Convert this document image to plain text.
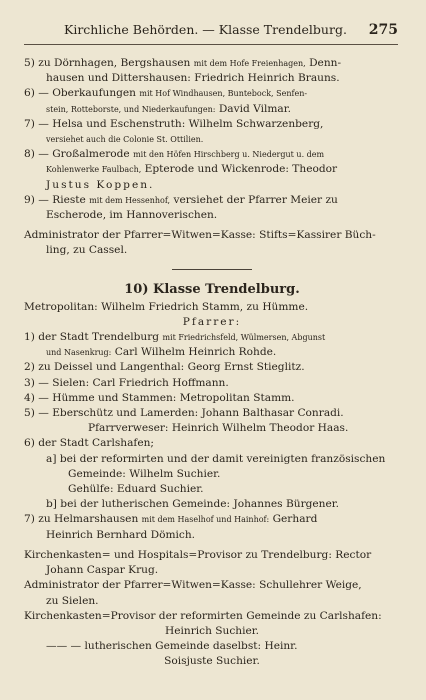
Kirchliche Behörden. — Klasse Trendelburg. 275
5) zu Dörnhagen, Bergshausen mit dem Hofe Freienhagen, Denn-
hausen und Dittershausen: Friedrich Heinrich Brauns.
6) — Oberkaufungen mit Hof Windhausen, Buntebock, Senfen-
stein, Rotteborste, und Niederkaufungen: David Vilmar.
7) — Helsa und Eschenstruth: Wilhelm Schwarzenberg,
versiehet auch die Colonie St. Ottilien.
8) — Großalmerode mit den Höfen Hirschberg u. Niedergut u. dem
Kohlenwerke Faulbach, Epterode und Wickenrode: Theodor
Justus Koppen.
9) — Rieste mit dem Hessenhof, versiehet der Pfarrer Meier zu
Escherode, im Hannoverischen.
Administrator der Pfarrer=Witwen=Kasse: Stifts=Kassirer Büch-
ling, zu Cassel.
10) Klasse Trendelburg.
Metropolitan: Wilhelm Friedrich Stamm, zu Hümme.
Pfarrer:
1) der Stadt Trendelburg mit Friedrichsfeld, Wülmersen, Abgunst
und Nasenkrug: Carl Wilhelm Heinrich Rohde.
2) zu Deissel und Langenthal: Georg Ernst Stieglitz.
3) — Sielen: Carl Friedrich Hoffmann.
4) — Hümme und Stammen: Metropolitan Stamm.
5) — Eberschütz und Lamerden: Johann Balthasar Conradi.
Pfarrverweser: Heinrich Wilhelm Theodor Haas.
6) der Stadt Carlshafen;
a] bei der reformirten und der damit vereinigten französischen
Gemeinde: Wilhelm Suchier.
Gehülfe: Eduard Suchier.
b] bei der lutherischen Gemeinde: Johannes Bürgener.
7) zu Helmarshausen mit dem Haselhof und Hainhof: Gerhard
Heinrich Bernhard Dömich.
Kirchenkasten= und Hospitals=Provisor zu Trendelburg: Rector
Johann Caspar Krug.
Administrator der Pfarrer=Witwen=Kasse: Schullehrer Weige,
zu Sielen.
Kirchenkasten=Provisor der reformirten Gemeinde zu Carlshafen:
Heinrich Suchier.
—— — lutherischen Gemeinde daselbst: Heinr.
Soisjuste Suchier.
